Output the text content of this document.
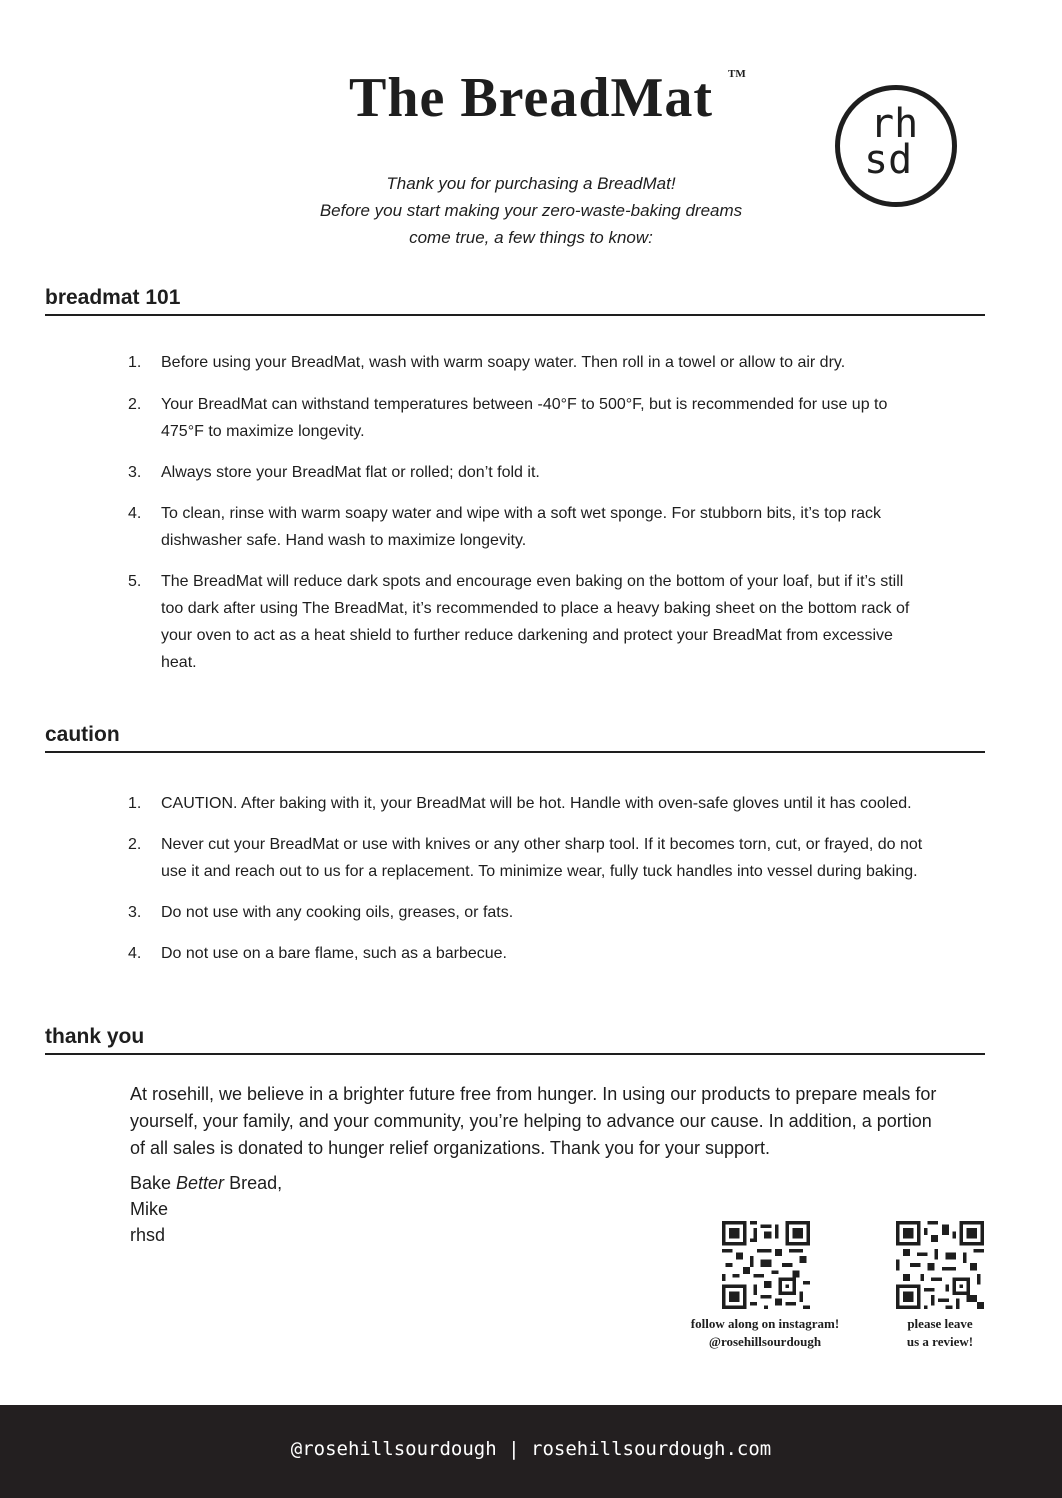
The BreadMat	TM
rh
sd
Thank you for purchasing a BreadMat!
Before you start making your zero-waste-baking dreams
come true, a few things to know:
breadmat 101
1. Before using your BreadMat, wash with warm soapy water. Then roll in a towel or allow to air dry.
2. Your BreadMat can withstand temperatures between -40°F to 500°F, but is recommended for use up to 475°F to maximize longevity.
3. Always store your BreadMat flat or rolled; don’t fold it.
4. To clean, rinse with warm soapy water and wipe with a soft wet sponge. For stubborn bits, it’s top rack dishwasher safe. Hand wash to maximize longevity.
5. The BreadMat will reduce dark spots and encourage even baking on the bottom of your loaf, but if it’s still too dark after using The BreadMat, it’s recommended to place a heavy baking sheet on the bottom rack of your oven to act as a heat shield to further reduce darkening and protect your BreadMat from excessive heat.
caution
1. CAUTION. After baking with it, your BreadMat will be hot. Handle with oven-safe gloves until it has cooled.
2. Never cut your BreadMat or use with knives or any other sharp tool. If it becomes torn, cut, or frayed, do not use it and reach out to us for a replacement. To minimize wear, fully tuck handles into vessel during baking.
3. Do not use with any cooking oils, greases, or fats.
4. Do not use on a bare flame, such as a barbecue.
thank you
At rosehill, we believe in a brighter future free from hunger. In using our products to prepare meals for yourself, your family, and your community, you’re helping to advance our cause. In addition, a portion of all sales is donated to hunger relief organizations. Thank you for your support.
Bake Better Bread,
Mike
rhsd
follow along on instagram!
@rosehillsourdough
please leave
us a review!
@rosehillsourdough | rosehillsourdough.com
